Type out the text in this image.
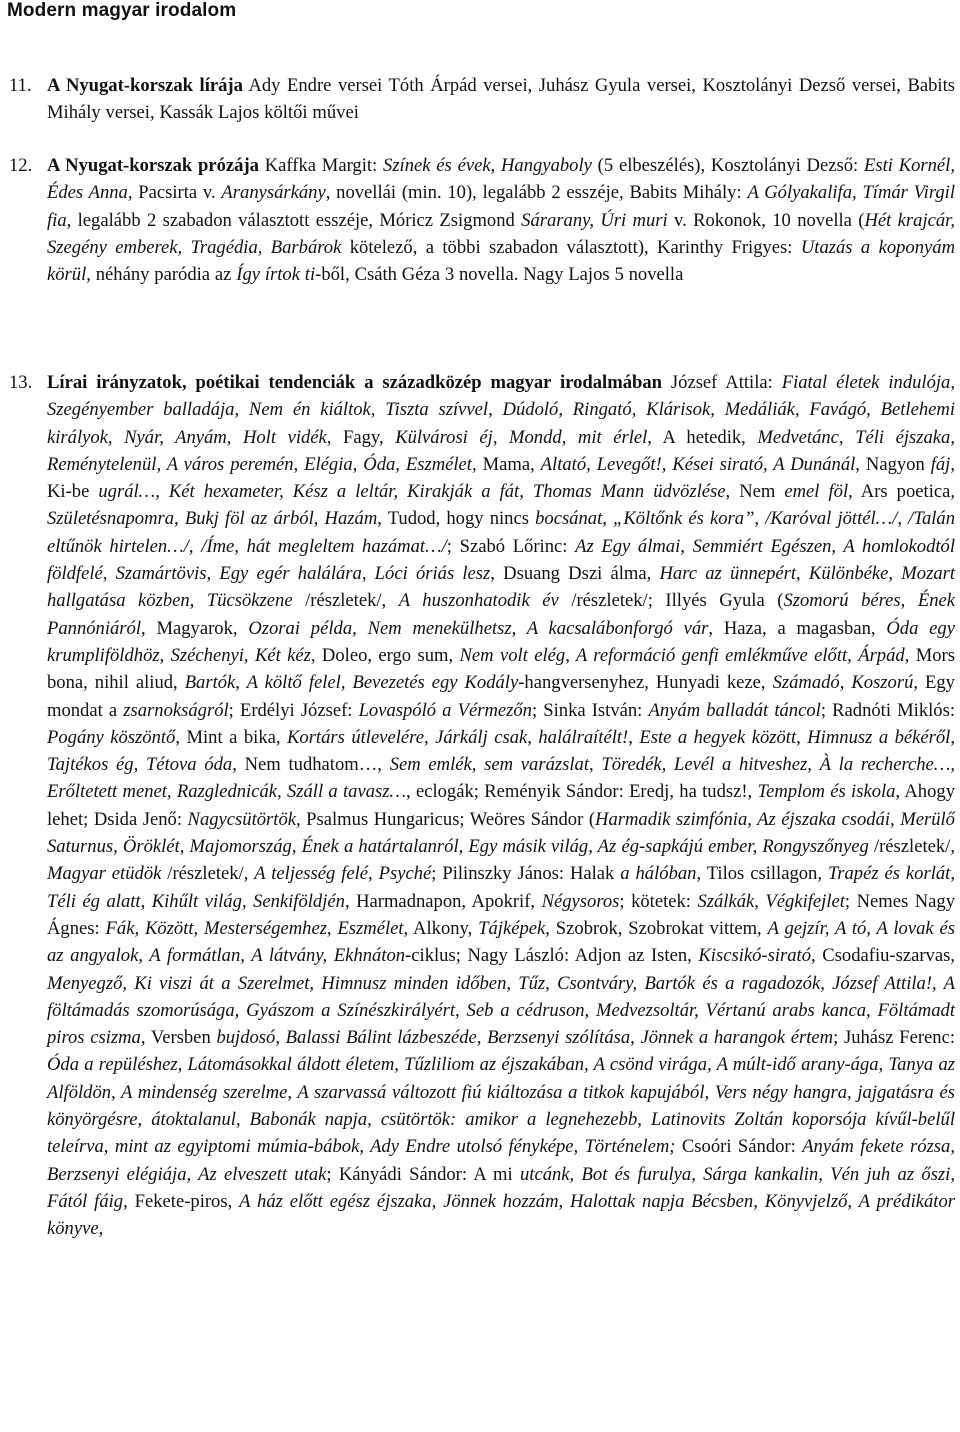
Modern magyar irodalom
11. A Nyugat-korszak lírája Ady Endre versei Tóth Árpád versei, Juhász Gyula versei, Kosztolányi Dezső versei, Babits Mihály versei, Kassák Lajos költői művei

12. A Nyugat-korszak prózája Kaffka Margit: Színek és évek, Hangyaboly (5 elbeszélés), Kosztolányi Dezső: Esti Kornél, Édes Anna, Pacsirta v. Aranysárkány, novellái (min. 10), legalább 2 esszéje, Babits Mihály: A Gólyakalifa, Tímár Virgil fia, legalább 2 szabadon választott esszéje, Móricz Zsigmond Sárarany, Úri muri v. Rokonok, 10 novella (Hét krajcár, Szegény emberek, Tragédia, Barbárok kötelező, a többi szabadon választott), Karinthy Frigyes: Utazás a koponyám körül, néhány paródia az Így írtok ti-ből, Csáth Géza 3 novella. Nagy Lajos 5 novella

13. Lírai irányzatok, poétikai tendenciák a századközép magyar irodalmában József Attila: Fiatal életek indulója, Szegényember balladája, Nem én kiáltok, Tiszta szívvel, Dúdoló, Ringató, Klárisok, Medáliák, Favágó, Betlehemi királyok, Nyár, Anyám, Holt vidék, Fagy, Külvárosi éj, Mondd, mit érlel, A hetedik, Medvetánc, Téli éjszaka, Reménytelenül, A város peremén, Elégia, Óda, Eszmélet, Mama, Altató, Levegőt!, Kései sirató, A Dunánál, Nagyon fáj, Ki-be ugrál…, Két hexameter, Kész a leltár, Kirakják a fát, Thomas Mann üdvözlése, Nem emel föl, Ars poetica, Születésnapomra, Bukj föl az árból, Hazám, Tudod, hogy nincs bocsánat, „Költőnk és kora”, /Karóval jöttél…/, /Talán eltűnök hirtelen…/, /Íme, hát megleltem hazámat…/; Szabó Lőrinc: Az Egy álmai, Semmiért Egészen, A homlokodtól földfelé, Szamártövis, Egy egér halálára, Lóci óriás lesz, Dsuang Dszi álma, Harc az ünnepért, Különbéke, Mozart hallgatása közben, Tücsökzene /részletek/, A huszonhatodik év /részletek/; Illyés Gyula (Szomorú béres, Ének Pannóniáról, Magyarok, Ozorai példa, Nem menekülhetsz, A kacsalábonforgó vár, Haza, a magasban, Óda egy krumpliföldhöz, Széchenyi, Két kéz, Doleo, ergo sum, Nem volt elég, A reformáció genfi emlékműve előtt, Árpád, Mors bona, nihil aliud, Bartók, A költő felel, Bevezetés egy Kodály-hangversenyhez, Hunyadi keze, Számadó, Koszorú, Egy mondat a zsarnokságról; Erdélyi József: Lovaspóló a Vérmezőn; Sinka István: Anyám balladát táncol; Radnóti Miklós: Pogány köszöntő, Mint a bika, Kortárs útlevelére, Járkálj csak, halálraítélt!, Este a hegyek között, Himnusz a békéről, Tajtékos ég, Tétova óda, Nem tudhatom…, Sem emlék, sem varázslat, Töredék, Levél a hitveshez, À la recherche…, Erőltetett menet, Razglednicák, Száll a tavasz…, eclogák; Reményik Sándor: Eredj, ha tudsz!, Templom és iskola, Ahogy lehet; Dsida Jenő: Nagycsütörtök, Psalmus Hungaricus; Weöres Sándor (Harmadik szimfónia, Az éjszaka csodái, Merülő Saturnus, Öröklét, Majomország, Ének a határtalanról, Egy másik világ, Az ég-sapkájú ember, Rongyszőnyeg /részletek/, Magyar etüdök /részletek/, A teljesség felé, Psyché; Pilinszky János: Halak a hálóban, Tilos csillagon, Trapéz és korlát, Téli ég alatt, Kihűlt világ, Senkiföldjén, Harmadnapon, Apokrif, Négysoros; kötetek: Szálkák, Végkifejlet; Nemes Nagy Ágnes: Fák, Között, Mesterségemhez, Eszmélet, Alkony, Tájképek, Szobrok, Szobrokat vittem, A gejzír, A tó, A lovak és az angyalok, A formátlan, A látvány, Ekhnáton-ciklus; Nagy László: Adjon az Isten, Kiscsikó-sirató, Csodafiu-szarvas, Menyegző, Ki viszi át a Szerelmet, Himnusz minden időben, Tűz, Csontváry, Bartók és a ragadozók, József Attila!, A föltámadás szomorúsága, Gyászom a Színészkirályért, Seb a cédruson, Medvezsoltár, Vértanú arabs kanca, Föltámadt piros csizma, Versben bujdosó, Balassi Bálint lázbeszéde, Berzsenyi szólítása, Jönnek a harangok értem; Juhász Ferenc: Óda a repüléshez, Látomásokkal áldott életem, Tűzliliom az éjszakában, A csönd virága, A múlt-idő arany-ága, Tanya az Alföldön, A mindenség szerelme, A szarvassá változott fiú kiáltozása a titkok kapujából, Vers négy hangra, jajgatásra és könyörgésre, átoktalanul, Babonák napja, csütörtök: amikor a legnehezebb, Latinovits Zoltán koporsója kívűl-belűl teleírva, mint az egyiptomi múmia-bábok, Ady Endre utolsó fényképe, Történelem; Csoóri Sándor: Anyám fekete rózsa, Berzsenyi elégiája, Az elveszett utak; Kányádi Sándor: A mi utcánk, Bot és furulya, Sárga kankalin, Vén juh az őszi, Fától fáig, Fekete-piros, A ház előtt egész éjszaka, Jönnek hozzám, Halottak napja Bécsben, Könyvjelző, A prédikátor könyve,
